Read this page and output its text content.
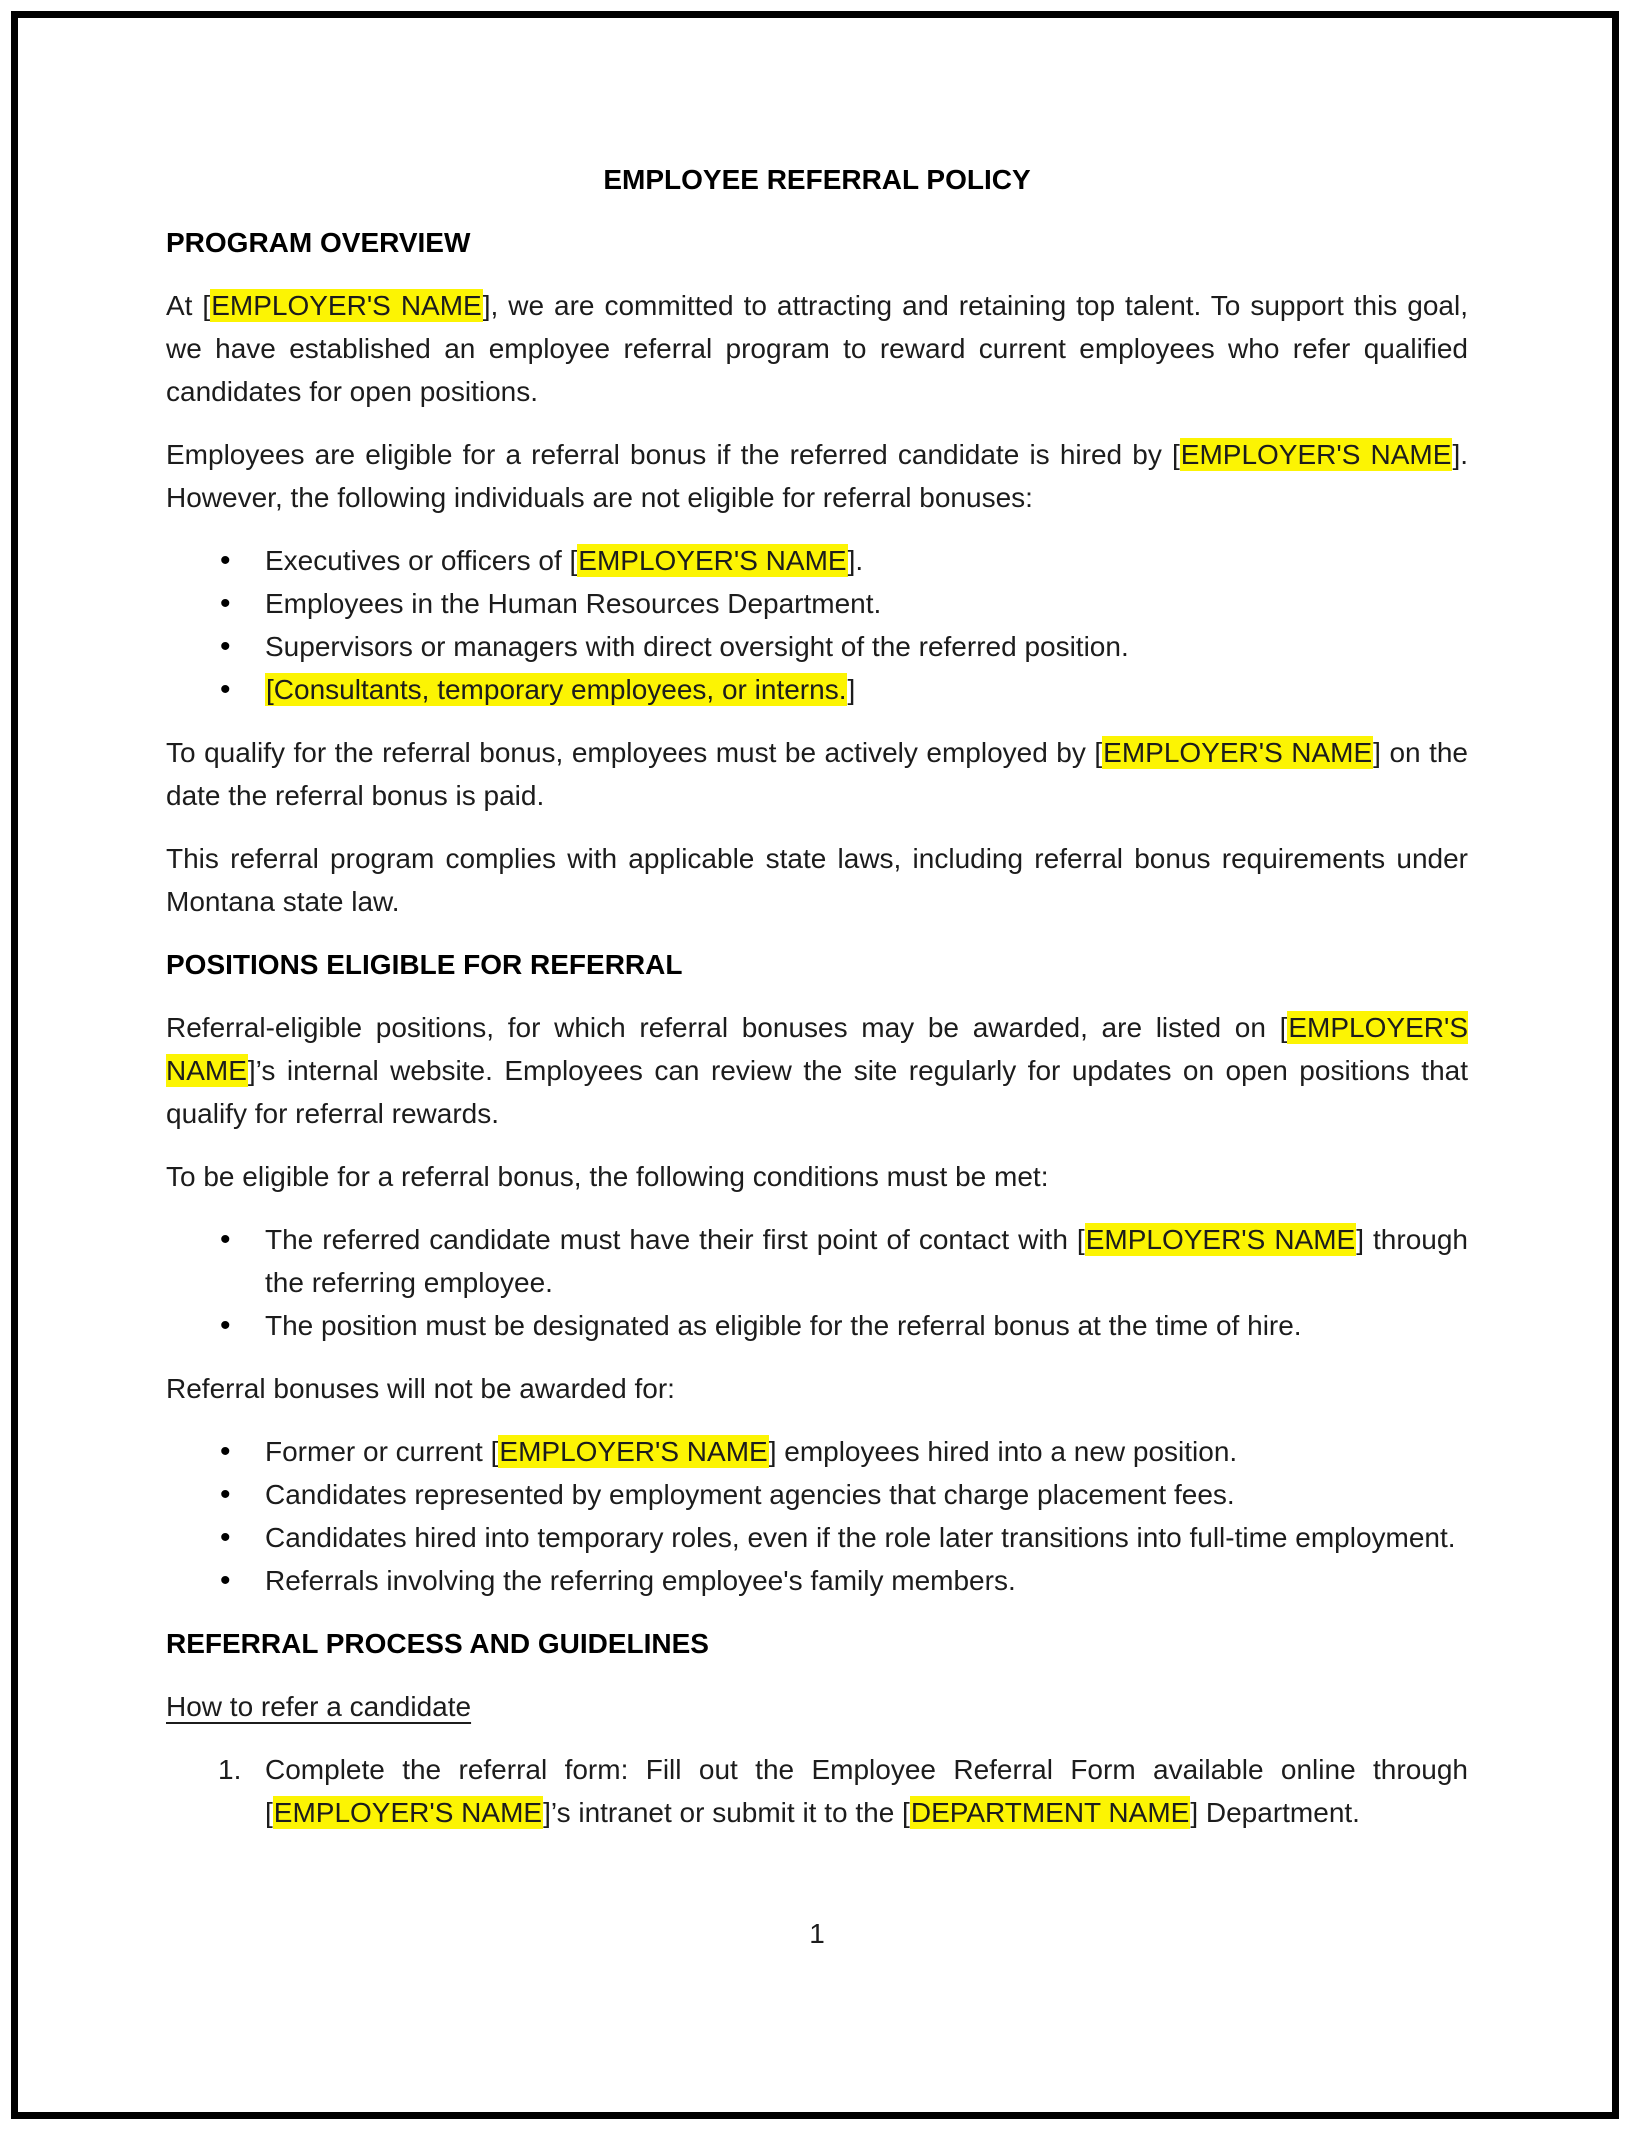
EMPLOYEE REFERRAL POLICY

PROGRAM OVERVIEW

At [EMPLOYER'S NAME], we are committed to attracting and retaining top talent. To support this goal, we have established an employee referral program to reward current employees who refer qualified candidates for open positions.

Employees are eligible for a referral bonus if the referred candidate is hired by [EMPLOYER'S NAME]. However, the following individuals are not eligible for referral bonuses:

• Executives or officers of [EMPLOYER'S NAME].
• Employees in the Human Resources Department.
• Supervisors or managers with direct oversight of the referred position.
• [Consultants, temporary employees, or interns.]

To qualify for the referral bonus, employees must be actively employed by [EMPLOYER'S NAME] on the date the referral bonus is paid.

This referral program complies with applicable state laws, including referral bonus requirements under Montana state law.

POSITIONS ELIGIBLE FOR REFERRAL

Referral-eligible positions, for which referral bonuses may be awarded, are listed on [EMPLOYER'S NAME]’s internal website. Employees can review the site regularly for updates on open positions that qualify for referral rewards.

To be eligible for a referral bonus, the following conditions must be met:

• The referred candidate must have their first point of contact with [EMPLOYER'S NAME] through the referring employee.
• The position must be designated as eligible for the referral bonus at the time of hire.

Referral bonuses will not be awarded for:

• Former or current [EMPLOYER'S NAME] employees hired into a new position.
• Candidates represented by employment agencies that charge placement fees.
• Candidates hired into temporary roles, even if the role later transitions into full-time employment.
• Referrals involving the referring employee's family members.

REFERRAL PROCESS AND GUIDELINES

How to refer a candidate

1. Complete the referral form: Fill out the Employee Referral Form available online through [EMPLOYER'S NAME]’s intranet or submit it to the [DEPARTMENT NAME] Department.

1
